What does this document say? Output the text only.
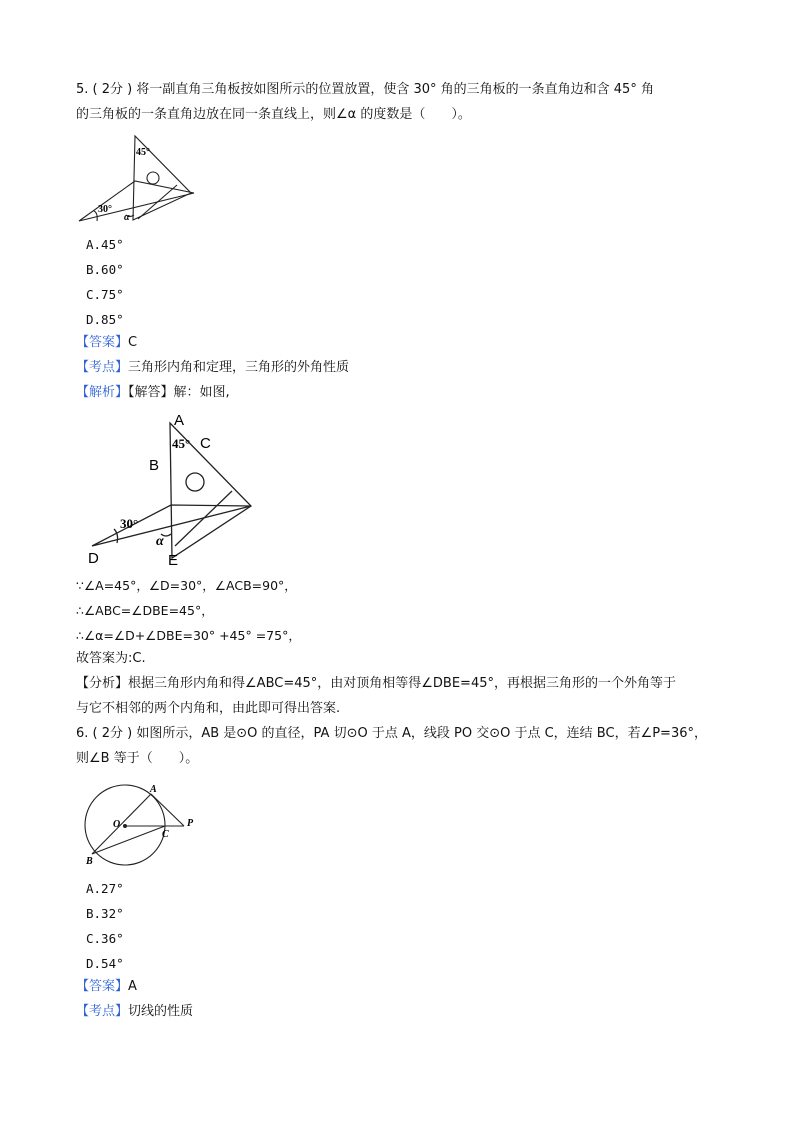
5. ( 2分 ) 将一副直角三角板按如图所示的位置放置，使含 30° 角的三角板的一条直角边和含 45° 角
的三角板的一条直角边放在同一条直线上，则∠α 的度数是（　　）。
45°
30°
α
A.45°
B.60°
C.75°
D.85°
【答案】C
【考点】三角形内角和定理，三角形的外角性质
【解析】【解答】解：如图,
A
C
B
D	E
45°
30°
α
∵∠A=45°，∠D=30°，∠ACB=90°，
∴∠ABC=∠DBE=45°，
∴∠α=∠D+∠DBE=30° +45° =75°，
故答案为:C.
【分析】根据三角形内角和得∠ABC=45°，由对顶角相等得∠DBE=45°，再根据三角形的一个外角等于
与它不相邻的两个内角和，由此即可得出答案.
6. ( 2分 ) 如图所示，AB 是⊙O 的直径，PA 切⊙O 于点 A，线段 PO 交⊙O 于点 C，连结 BC，若∠P=36°，
则∠B 等于（　　）。
A
O
C
P
B
A.27°
B.32°
C.36°
D.54°
【答案】A
【考点】切线的性质
